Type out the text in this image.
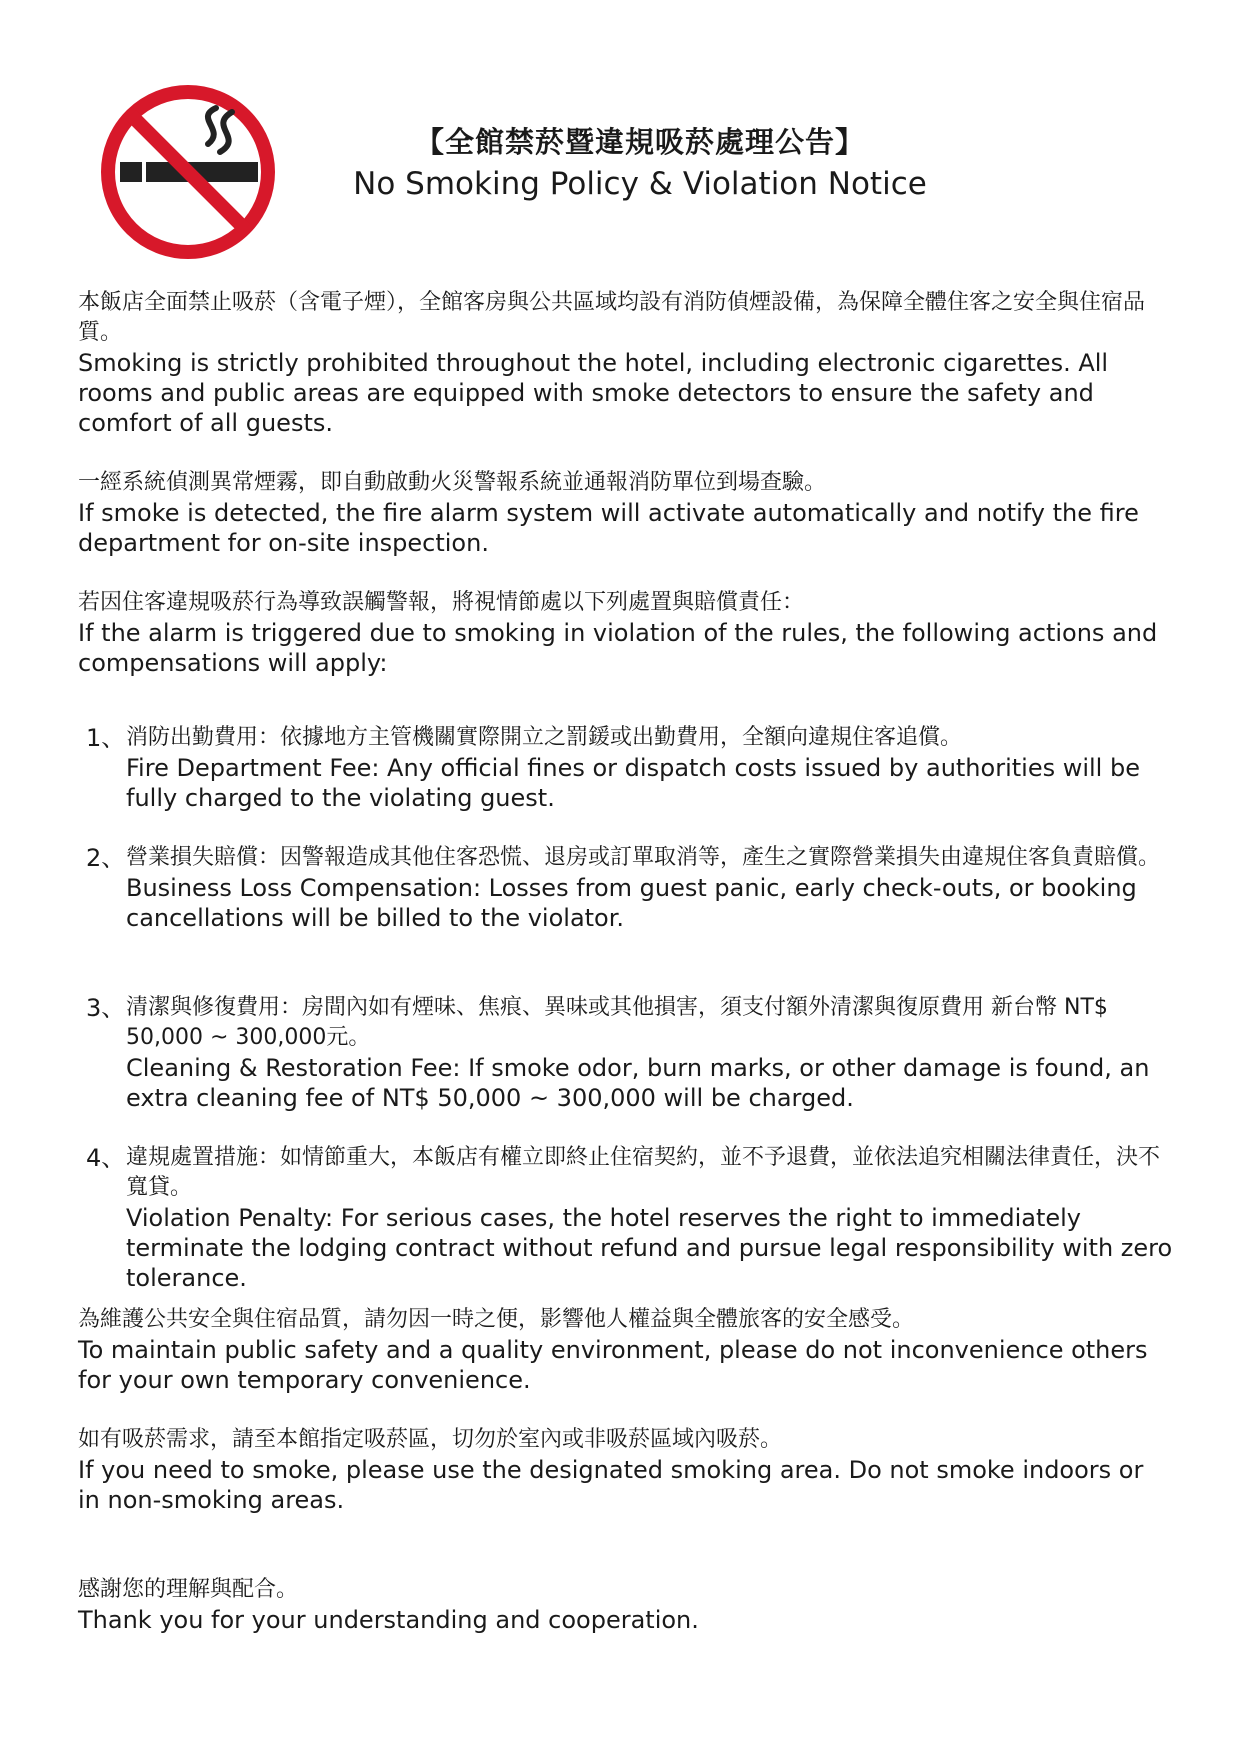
【全館禁菸暨違規吸菸處理公告】

No Smoking Policy & Violation Notice

本飯店全面禁止吸菸（含電子煙），全館客房與公共區域均設有消防偵煙設備，為保障全體住客之安全與住宿品質。

Smoking is strictly prohibited throughout the hotel, including electronic cigarettes. All rooms and public areas are equipped with smoke detectors to ensure the safety and comfort of all guests.

一經系統偵測異常煙霧，即自動啟動火災警報系統並通報消防單位到場查驗。

If smoke is detected, the fire alarm system will activate automatically and notify the fire department for on-site inspection.

若因住客違規吸菸行為導致誤觸警報，將視情節處以下列處置與賠償責任：

If the alarm is triggered due to smoking in violation of the rules, the following actions and compensations will apply:

1、 消防出勤費用：依據地方主管機關實際開立之罰鍰或出勤費用，全額向違規住客追償。

Fire Department Fee: Any official fines or dispatch costs issued by authorities will be fully charged to the violating guest.

2、 營業損失賠償：因警報造成其他住客恐慌、退房或訂單取消等，產生之實際營業損失由違規住客負責賠償。

Business Loss Compensation: Losses from guest panic, early check-outs, or booking cancellations will be billed to the violator.

3、 清潔與修復費用：房間內如有煙味、焦痕、異味或其他損害，須支付額外清潔與復原費用 新台幣 NT$ 50,000 ~ 300,000元。

Cleaning & Restoration Fee: If smoke odor, burn marks, or other damage is found, an extra cleaning fee of NT$ 50,000 ~ 300,000 will be charged.

4、 違規處置措施：如情節重大，本飯店有權立即終止住宿契約，並不予退費，並依法追究相關法律責任，決不寬貸。

Violation Penalty: For serious cases, the hotel reserves the right to immediately terminate the lodging contract without refund and pursue legal responsibility with zero tolerance.

為維護公共安全與住宿品質，請勿因一時之便，影響他人權益與全體旅客的安全感受。

To maintain public safety and a quality environment, please do not inconvenience others for your own temporary convenience.

如有吸菸需求，請至本館指定吸菸區，切勿於室內或非吸菸區域內吸菸。

If you need to smoke, please use the designated smoking area. Do not smoke indoors or in non-smoking areas.

感謝您的理解與配合。

Thank you for your understanding and cooperation.
